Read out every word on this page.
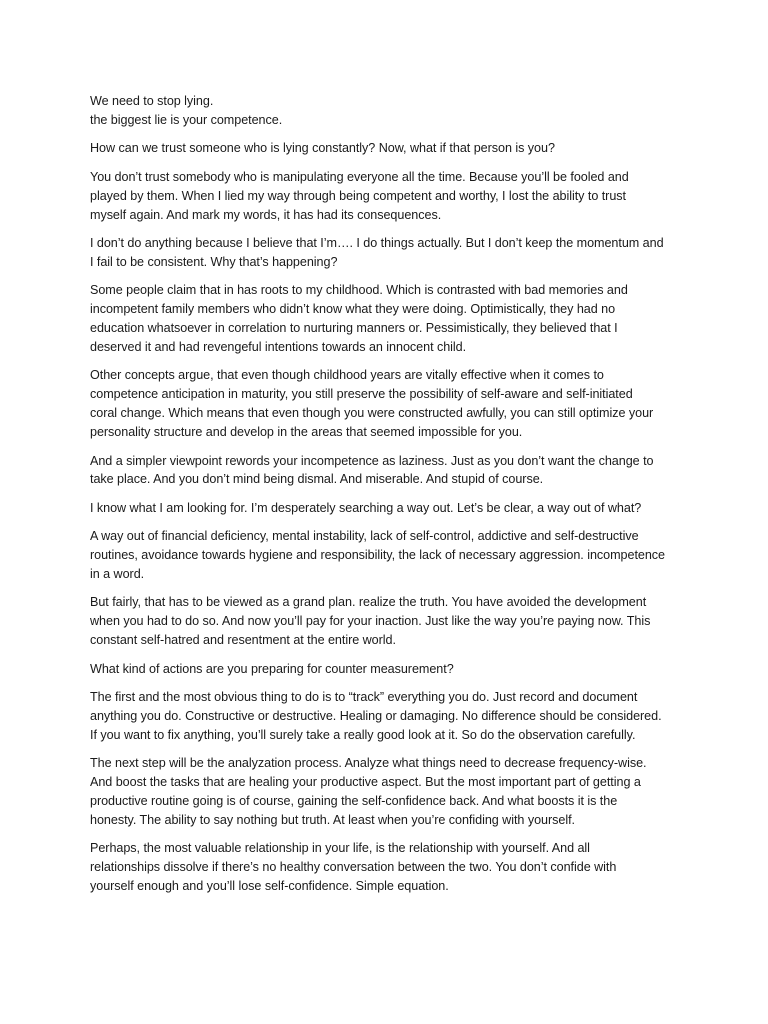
We need to stop lying.
the biggest lie is your competence.

How can we trust someone who is lying constantly? Now, what if that person is you?

You don’t trust somebody who is manipulating everyone all the time. Because you’ll be fooled and
played by them. When I lied my way through being competent and worthy, I lost the ability to trust
myself again. And mark my words, it has had its consequences.

I don’t do anything because I believe that I’m…. I do things actually. But I don’t keep the momentum and
I fail to be consistent. Why that’s happening?

Some people claim that in has roots to my childhood. Which is contrasted with bad memories and
incompetent family members who didn’t know what they were doing. Optimistically, they had no
education whatsoever in correlation to nurturing manners or. Pessimistically, they believed that I
deserved it and had revengeful intentions towards an innocent child.

Other concepts argue, that even though childhood years are vitally effective when it comes to
competence anticipation in maturity, you still preserve the possibility of self-aware and self-initiated
coral change. Which means that even though you were constructed awfully, you can still optimize your
personality structure and develop in the areas that seemed impossible for you.

And a simpler viewpoint rewords your incompetence as laziness. Just as you don’t want the change to
take place. And you don’t mind being dismal. And miserable. And stupid of course.

I know what I am looking for. I’m desperately searching a way out. Let’s be clear, a way out of what?

A way out of financial deficiency, mental instability, lack of self-control, addictive and self-destructive
routines, avoidance towards hygiene and responsibility, the lack of necessary aggression. incompetence
in a word.

But fairly, that has to be viewed as a grand plan. realize the truth. You have avoided the development
when you had to do so. And now you’ll pay for your inaction. Just like the way you’re paying now. This
constant self-hatred and resentment at the entire world.

What kind of actions are you preparing for counter measurement?

The first and the most obvious thing to do is to “track” everything you do. Just record and document
anything you do. Constructive or destructive. Healing or damaging. No difference should be considered.
If you want to fix anything, you’ll surely take a really good look at it. So do the observation carefully.

The next step will be the analyzation process. Analyze what things need to decrease frequency-wise.
And boost the tasks that are healing your productive aspect. But the most important part of getting a
productive routine going is of course, gaining the self-confidence back. And what boosts it is the
honesty. The ability to say nothing but truth. At least when you’re confiding with yourself.

Perhaps, the most valuable relationship in your life, is the relationship with yourself. And all
relationships dissolve if there’s no healthy conversation between the two. You don’t confide with
yourself enough and you’ll lose self-confidence. Simple equation.
